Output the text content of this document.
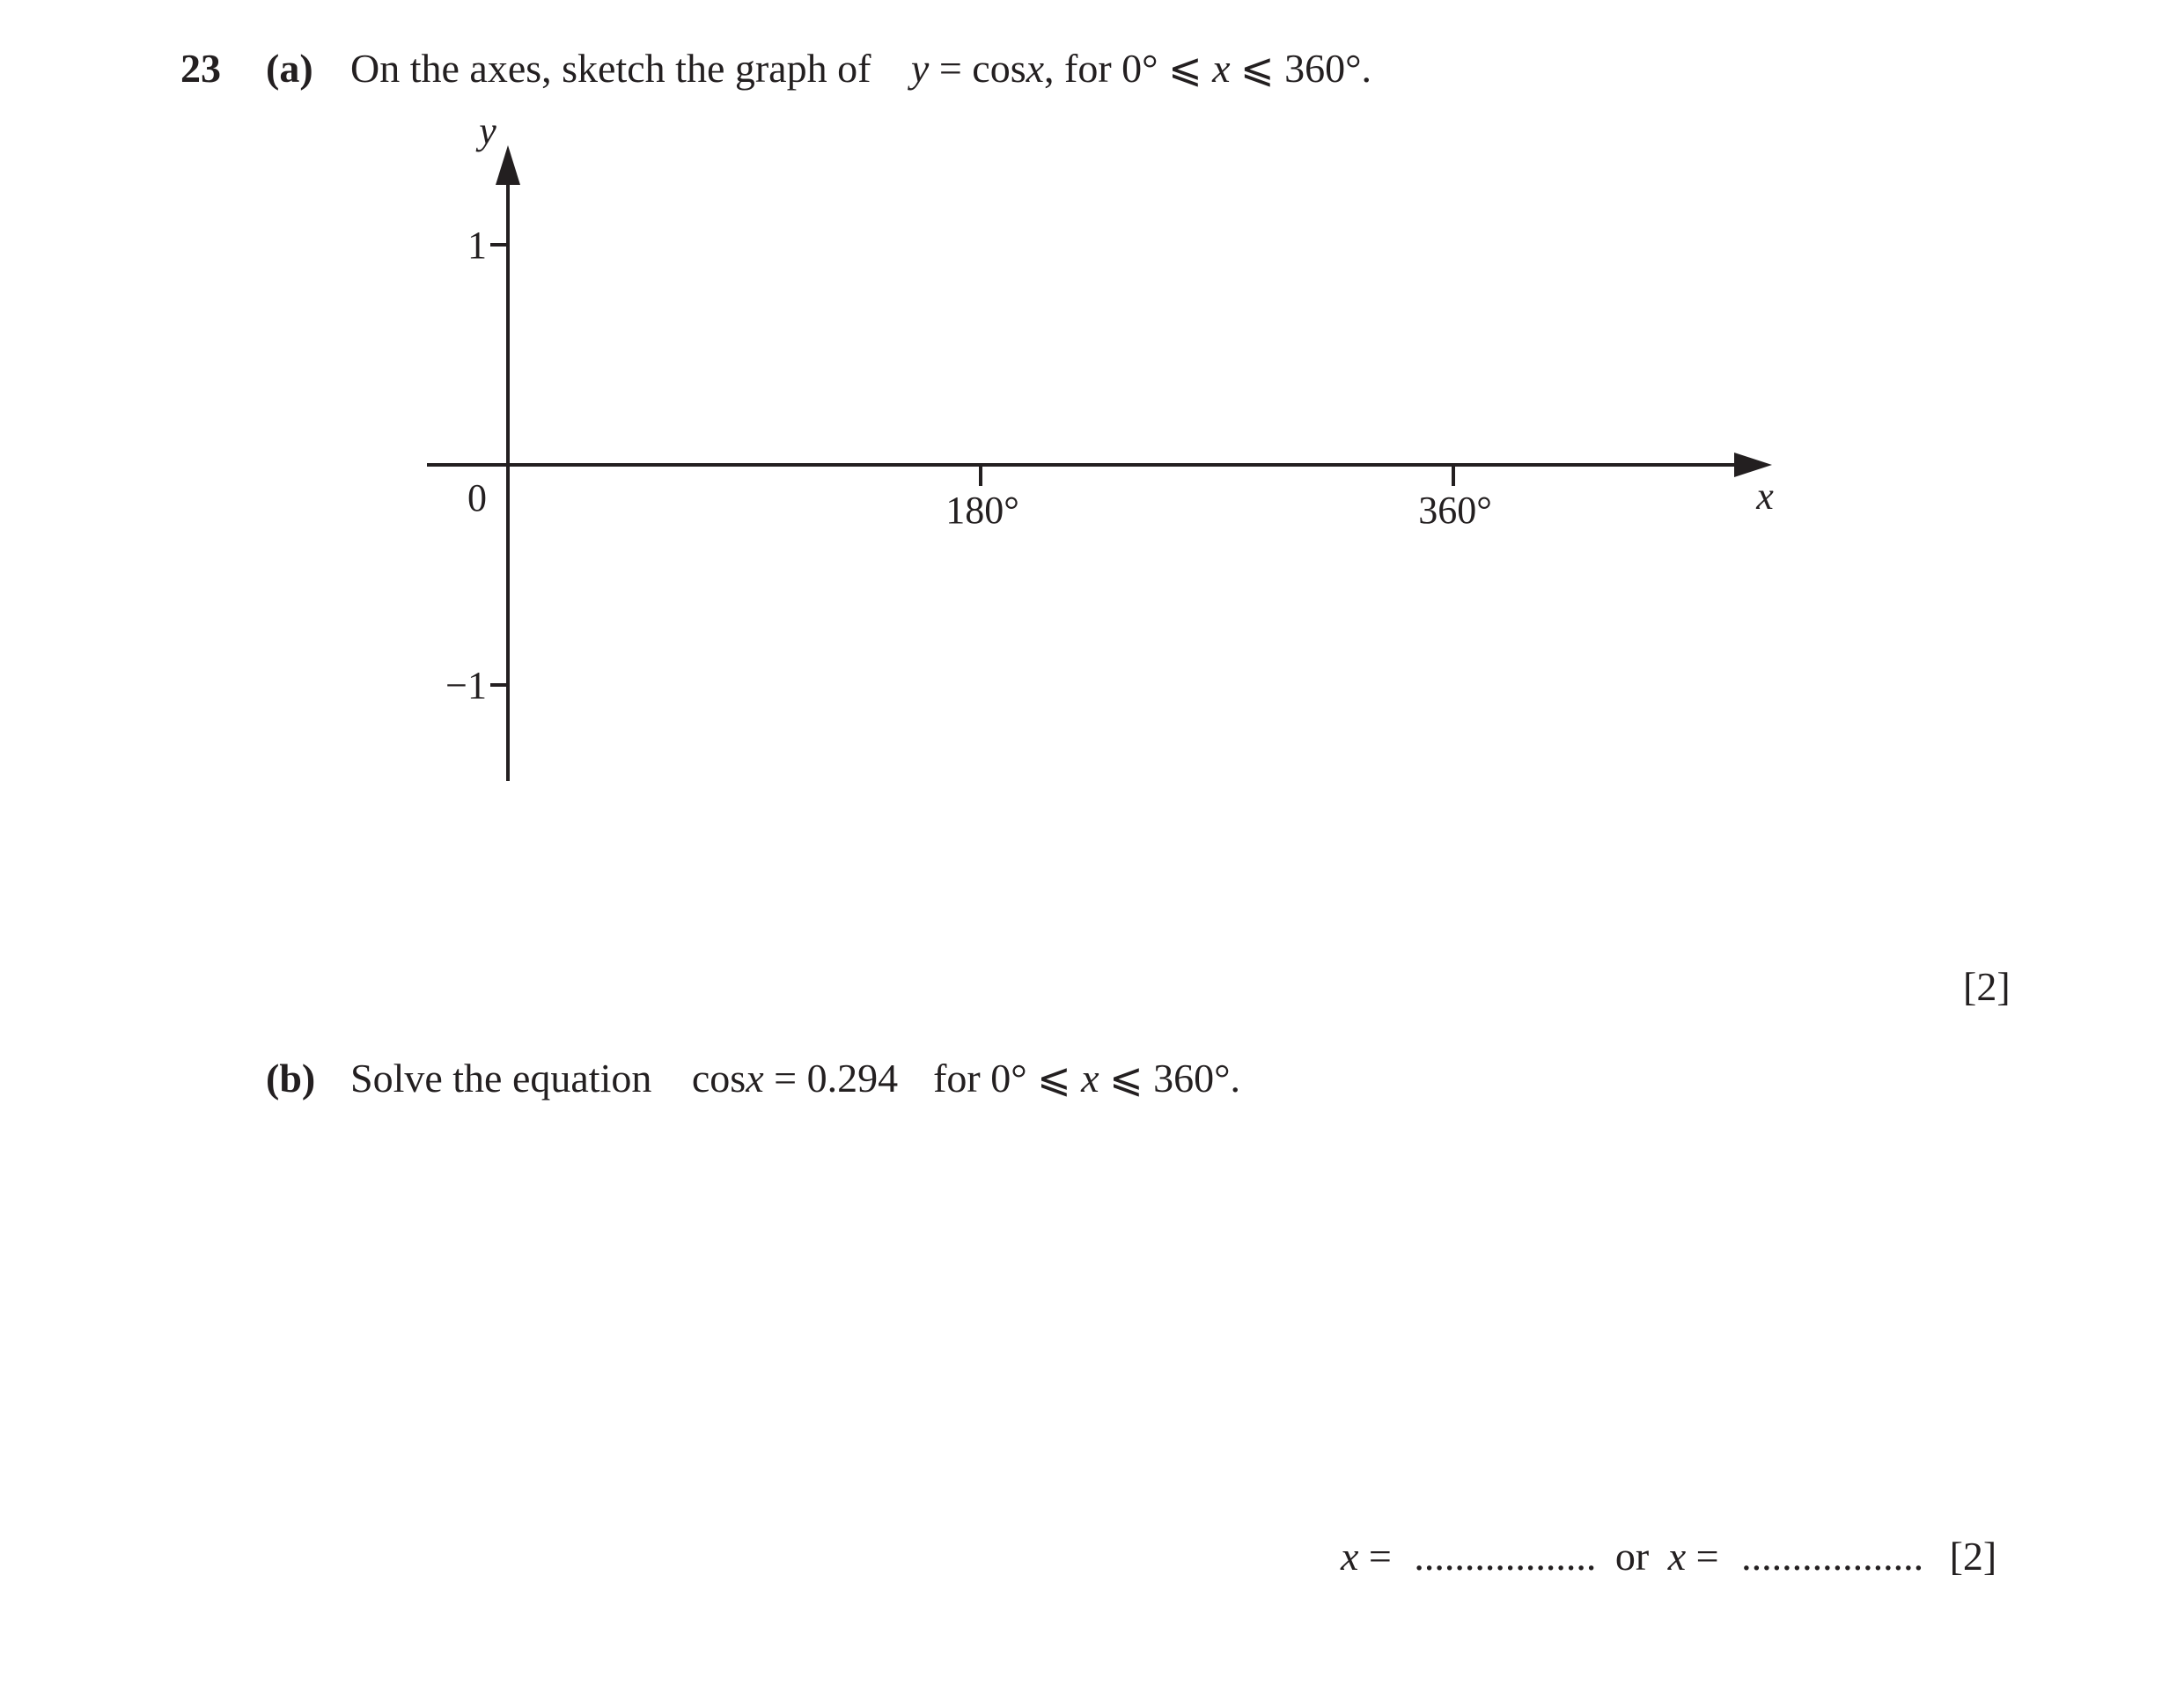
23 (a) On the axes, sketch the graph of y = cosx, for 0° ⩽ x ⩽ 360°.
180°	360°
1
−1
0	x
y
[2]
(b) Solve the equation cosx = 0.294 for 0° ⩽ x ⩽ 360°.
x = .................. or x = .................. [2]
